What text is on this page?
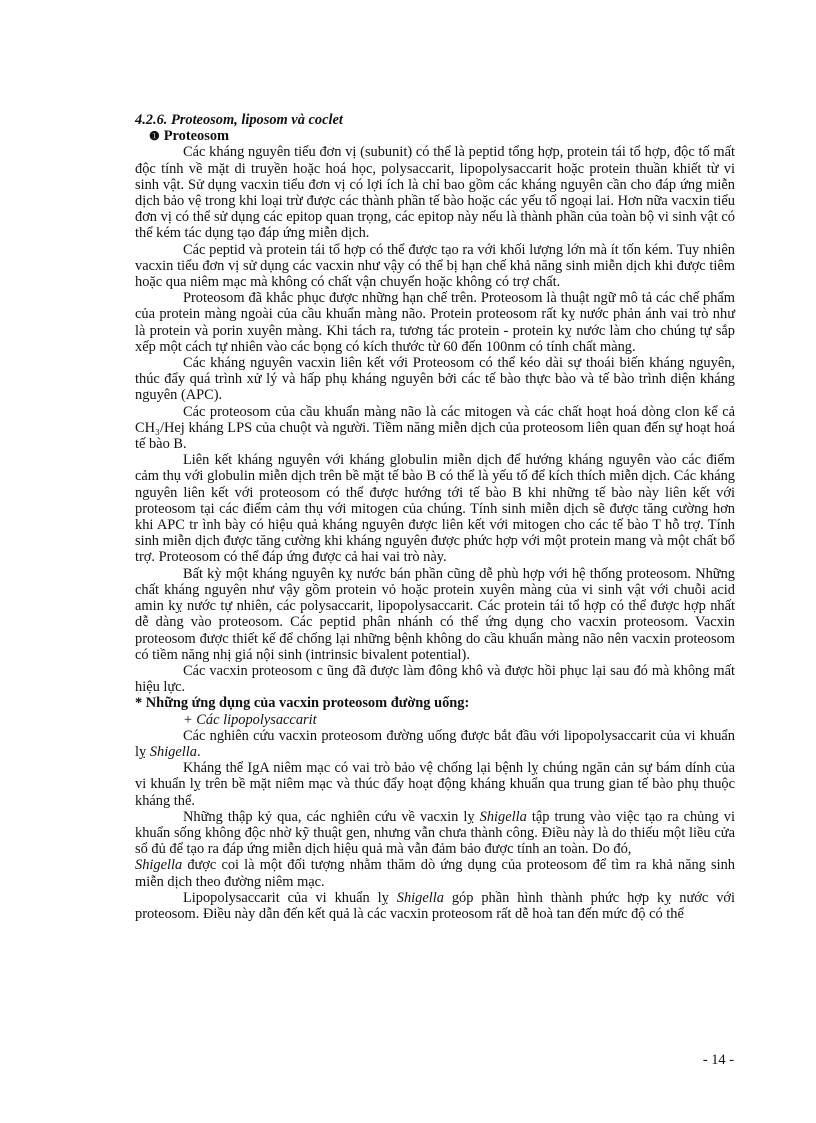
4.2.6. Proteosom, liposom và coclet

❶ Proteosom

Các kháng nguyên tiểu đơn vị (subunit) có thể là peptid tổng hợp, protein tái tổ hợp, độc tố mất độc tính về mặt di truyền hoặc hoá học, polysaccarit, lipopolysaccarit hoặc protein thuần khiết từ vi sinh vật. Sử dụng vacxin tiểu đơn vị có lợi ích là chỉ bao gồm các kháng nguyên cần cho đáp ứng miễn dịch bảo vệ trong khi loại trừ được các thành phần tế bào hoặc các yếu tố ngoại lai. Hơn nữa vacxin tiểu đơn vị có thể sử dụng các epitop quan trọng, các epitop này nếu là thành phần của toàn bộ vi sinh vật có thể kém tác dụng tạo đáp ứng miễn dịch.

Các peptid và protein tái tổ hợp có thể được tạo ra với khối lượng lớn mà ít tốn kém. Tuy nhiên vacxin tiểu đơn vị sử dụng các vacxin như vậy có thể bị hạn chế khả năng sinh miễn dịch khi được tiêm hoặc qua niêm mạc mà không có chất vận chuyển hoặc không có trợ chất.

Proteosom đã khắc phục được những hạn chế trên. Proteosom là thuật ngữ mô tả các chế phẩm của protein màng ngoài của cầu khuẩn màng não. Protein proteosom rất kỵ nước phản ánh vai trò như là protein và porin xuyên màng. Khi tách ra, tương tác protein - protein kỵ nước làm cho chúng tự sắp xếp một cách tự nhiên vào các bọng có kích thước từ 60 đến 100nm có tính chất màng.

Các kháng nguyên vacxin liên kết với Proteosom có thể kéo dài sự thoái biến kháng nguyên, thúc đẩy quá trình xử lý và hấp phụ kháng nguyên bởi các tế bào thực bào và tế bào trình diện kháng nguyên (APC).

Các proteosom của cầu khuẩn màng não là các mitogen và các chất hoạt hoá dòng clon kể cả CH₃/Hej kháng LPS của chuột và người. Tiềm năng miễn dịch của proteosom liên quan đến sự hoạt hoá tế bào B.

Liên kết kháng nguyên với kháng globulin miễn dịch để hướng kháng nguyên vào các điểm cảm thụ với globulin miễn dịch trên bề mặt tế bào B có thể là yếu tố để kích thích miễn dịch. Các kháng nguyên liên kết với proteosom có thể được hướng tới tế bào B khi những tế bào này liên kết với proteosom tại các điểm cảm thụ với mitogen của chúng. Tính sinh miễn dịch sẽ được tăng cường hơn khi APC tr ình bày có hiệu quả kháng nguyên được liên kết với mitogen cho các tế bào T hỗ trợ. Tính sinh miễn dịch được tăng cường khi kháng nguyên được phức hợp với một protein mang và một chất bổ trợ. Proteosom có thể đáp ứng được cả hai vai trò này.

Bất kỳ một kháng nguyên kỵ nước bán phần cũng dễ phù hợp với hệ thống proteosom. Những chất kháng nguyên như vậy gồm protein vỏ hoặc protein xuyên màng của vi sinh vật với chuỗi acid amin kỵ nước tự nhiên, các polysaccarit, lipopolysaccarit. Các protein tái tổ hợp có thể được hợp nhất dễ dàng vào proteosom. Các peptid phân nhánh có thể ứng dụng cho vacxin proteosom. Vacxin proteosom được thiết kế để chống lại những bệnh không do cầu khuẩn màng não nên vacxin proteosom có tiềm năng nhị giá nội sinh (intrinsic bivalent potential).

Các vacxin proteosom c ũng đã được làm đông khô và được hồi phục lại sau đó mà không mất hiệu lực.

* Những ứng dụng của vacxin proteosom đường uống:

+ Các lipopolysaccarit

Các nghiên cứu vacxin proteosom đường uống được bắt đầu với lipopolysaccarit của vi khuẩn lỵ Shigella.

Kháng thể IgA niêm mạc có vai trò bảo vệ chống lại bệnh lỵ chúng ngăn cản sự bám dính của vi khuẩn lỵ trên bề mặt niêm mạc và thúc đẩy hoạt động kháng khuẩn qua trung gian tế bào phụ thuộc kháng thể.

Những thập kỷ qua, các nghiên cứu về vacxin lỵ Shigella tập trung vào việc tạo ra chủng vi khuẩn sống không độc nhờ kỹ thuật gen, nhưng vẫn chưa thành công. Điều này là do thiếu một liều cửa sổ đủ để tạo ra đáp ứng miễn dịch hiệu quả mà vẫn đảm bảo được tính an toàn. Do đó,

Shigella được coi là một đối tượng nhằm thăm dò ứng dụng của proteosom để tìm ra khả năng sinh miễn dịch theo đường niêm mạc.

Lipopolysaccarit của vi khuẩn lỵ Shigella góp phần hình thành phức hợp kỵ nước với proteosom. Điều này dẫn đến kết quả là các vacxin proteosom rất dễ hoà tan đến mức độ có thể

- 14 -
